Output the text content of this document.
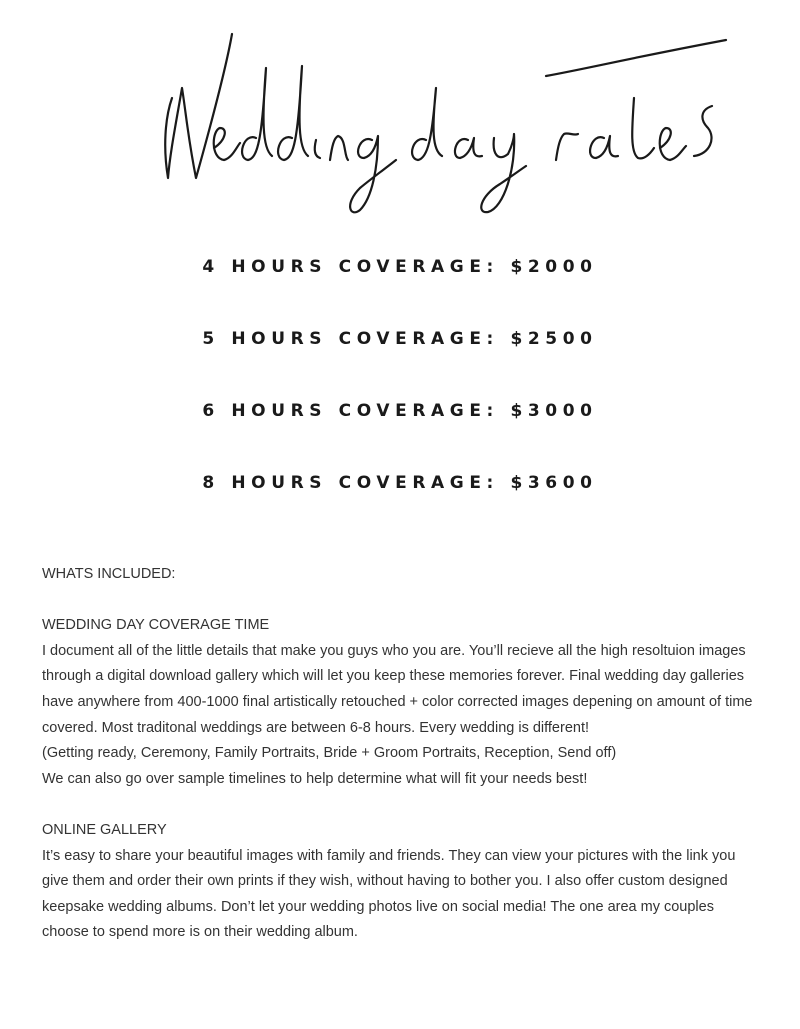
Wedding day rates
4 HOURS COVERAGE: $2000
5 HOURS COVERAGE: $2500
6 HOURS COVERAGE: $3000
8 HOURS COVERAGE: $3600

WHATS INCLUDED:

WEDDING DAY COVERAGE TIME

I document all of the little details that make you guys who you are. You’ll recieve all the high resoltuion images

through a digital download gallery which will let you keep these memories forever. Final wedding day galleries

have anywhere from 400-1000 final artistically retouched + color corrected images depening on amount of time

covered. Most traditonal weddings are between 6-8 hours. Every wedding is different!

(Getting ready, Ceremony, Family Portraits, Bride + Groom Portraits, Reception, Send off)

We can also go over sample timelines to help determine what will fit your needs best!

ONLINE GALLERY

It’s easy to share your beautiful images with family and friends. They can view your pictures with the link you

give them and order their own prints if they wish, without having to bother you. I also offer custom designed

keepsake wedding albums. Don’t let your wedding photos live on social media! The one area my couples

choose to spend more is on their wedding album.
